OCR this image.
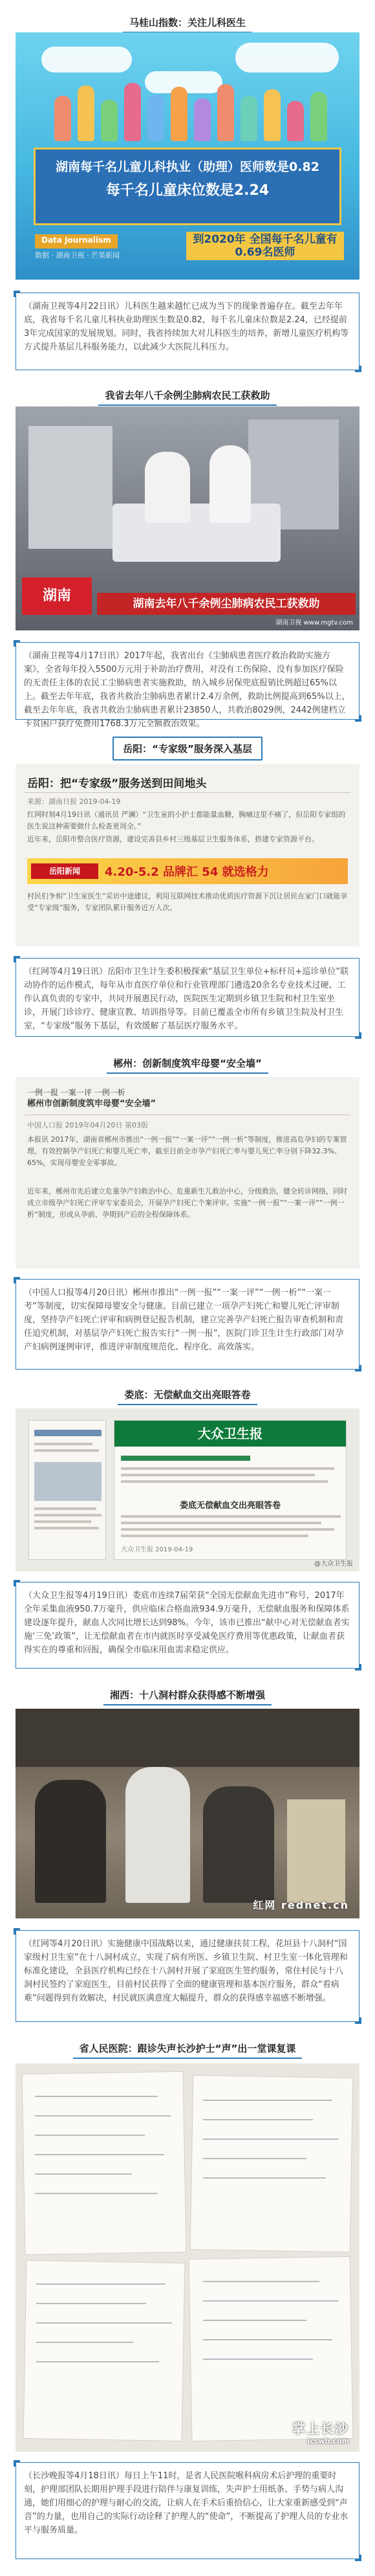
马桂山指数：关注儿科医生
湖南每千名儿童儿科执业（助理）医师数是0.82
每千名儿童床位数是2.24
Data Journalism
数据 · 湖南卫视 · 芒果新闻
到2020年 全国每千名儿童有0.69名医师
（湖南卫视等4月22日讯）儿科医生越来越忙已成为当下的现象普遍存在。截至去年年底，我省每千名儿童儿科执业助理医生数是0.82，每千名儿童床位数是2.24，已经提前3年完成国家的发展规划。同时，我省持续加大对儿科医生的培养，新增儿童医疗机构等方式提升基层儿科服务能力，以此减少大医院儿科压力。
我省去年八千余例尘肺病农民工获救助
湖南	湖南去年八千余例尘肺病农民工获救助
湖南卫视 www.mgtv.com
（湖南卫视等4月17日讯）2017年起，我省出台《尘肺病患者医疗救治救助实施方案》，全省每年投入5500万元用于补助治疗费用，对没有工伤保险、没有参加医疗保险的无责任主体的农民工尘肺病患者实施救助，纳入城乡居保兜底报销比例超过65%以上。截至去年年底，我省共救治尘肺病患者累计2.4万余例，救助比例提高到65%以上，截至去年年底，我省共救治尘肺病患者累计23850人，共救治8029例，2442例建档立卡贫困户获疗免费用1768.3万元全额救治效果。
岳阳：“专家级”服务深入基层
岳阳：把“专家级”服务送到田间地头
来源：湖南日报 2019-04-19
红网时刻4月19日讯（通讯员 严澜）“卫生室的小护士都能量血糖，胸痛这里不痛了，但岳阳专家组的医生说这种需要做什么检查更周全。”
近年来，岳阳市整合医疗资源，建设完善县乡村三级基层卫生服务体系，搭建专家资源平台。
岳阳新闻	4.20-5.2 品牌汇 54 就选格力
村民们争相“卫生室医生”采访中途建议，利用互联网技术推动优质医疗资源下沉让居民在家门口就能享受“专家级”服务，专家团队累计服务近万人次。
（红网等4月19日讯）岳阳市卫生计生委积极探索“基层卫生单位+标杆员+巡诊单位”联动协作的运作模式，每年从市直医疗单位和行业管理部门遴选20余名专业技术过硬、工作认真负责的专家中，共同开展惠民行动，医院医生定期到乡镇卫生院和村卫生室坐诊，开展门诊诊疗、健康宣教、培训指导等。目前已覆盖全市所有乡镇卫生院及村卫生室，“专家级”服务下基层，有效缓解了基层医疗服务水平。
郴州：创新制度筑牢母婴“安全墙”
一例一报 一案一评 一例一析
郴州市创新制度筑牢母婴“安全墙”
中国人口报 2019年04月20日 第03版
本报讯 2017年，湖南省郴州市推出“一例一报”“一案一评”“一例一析”等制度，推进高危孕妇的专案管理，有效控制孕产妇死亡和婴儿死亡率，截至目前全市孕产妇死亡率与婴儿死亡率分别下降32.3%、65%，实现母婴安全零事故。
近年来，郴州市先后建立危重孕产妇救治中心、危重新生儿救治中心，分级救治，健全转诊网络，同时成立市级孕产妇死亡评审专家委员会，开展孕产妇死亡个案评审。实施“一例一报”“一案一评”“一例一析”制度，形成从孕前、孕期到产后的全程保障体系。
（中国人口报等4月20日讯）郴州市推出“一例一报”“一案一评”“一例一析”“一案一考”等制度，切实保障母婴安全与健康。目前已建立一项孕产妇死亡和婴儿死亡评审制度，坚持孕产妇死亡评审和病例登记报告机制，建立完善孕产妇死亡报告审查机制和责任追究机制，对基层孕产妇死亡报告实行“一例一报”，医院门诊卫生计生行政部门对孕产妇病例逐例审评，推进评审制度规范化、程序化、高效落实。
娄底：无偿献血交出亮眼答卷
大众卫生报
娄底无偿献血交出亮眼答卷
大众卫生报 2019-04-19
@大众卫生报
（大众卫生报等4月19日讯）娄底市连续7届荣获“全国无偿献血先进市”称号，2017年全年采集血液950.7万毫升，供应临床合格血液934.9万毫升，无偿献血服务和保障体系建设逐年提升，献血人次同比增长达到98%。今年，该市已推出“献中心对无偿献血者实施‘三免’政策”，让无偿献血者在市内就医时享受减免医疗费用等优惠政策，让献血者获得实在的尊重和回报，确保全市临床用血需求稳定供应。
湘西：十八洞村群众获得感不断增强
红网 rednet.cn
（红网等4月20日讯）实施健康中国战略以来，通过健康扶贫工程，花垣县十八洞村“国家级村卫生室”在十八洞村成立，实现了病有所医、乡镇卫生院、村卫生室一体化管理和标准化建设，全县医疗机构已经在十八洞村开展了家庭医生签约服务，常住村民与十八洞村民签约了家庭医生，目前村民获得了全面的健康管理和基本医疗服务，群众“看病难”问题得到有效解决，村民就医满意度大幅提升，群众的获得感幸福感不断增强。
省人民医院：跟诊失声长沙护士“声”出一堂课复课
掌上长沙
icswb.com
（长沙晚报等4月18日讯）每日上午11时，是省人民医院喉科病房术后护理的重要时刻，护理部团队长期用护理手段进行陪伴与康复训练，失声护士用纸条、手势与病人沟通，她们用细心的护理与耐心的交流，让病人在手术后重拾信心，让大家重新感受到“声音”的力量，也用自己的实际行动诠释了护理人的“使命”，不断提高了护理人员的专业水平与服务质量。
